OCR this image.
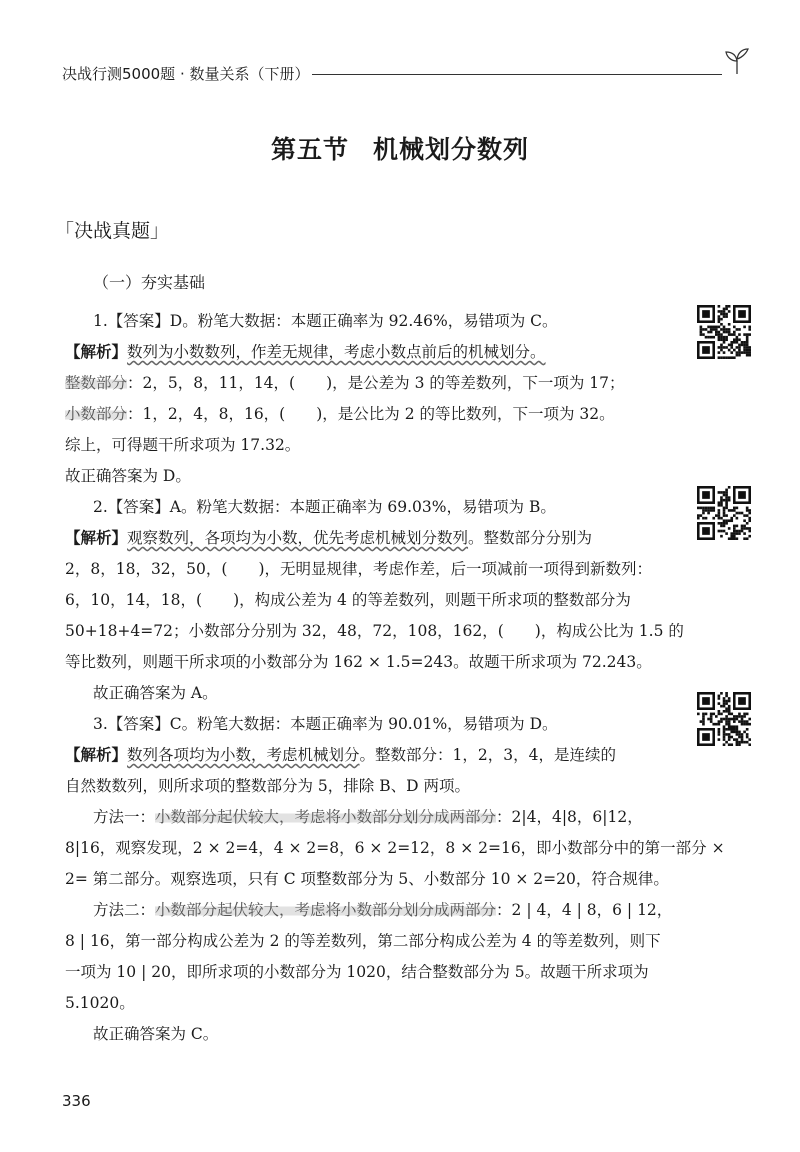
决战行测5000题 · 数量关系（下册）
第五节 机械划分数列
「决战真题」
（一）夯实基础
1.【答案】D。粉笔大数据：本题正确率为 92.46%，易错项为 C。
【解析】数列为小数数列，作差无规律，考虑小数点前后的机械划分。
整数部分：2，5，8，11，14，(　　)，是公差为 3 的等差数列，下一项为 17；
小数部分：1，2，4，8，16，(　　)，是公比为 2 的等比数列，下一项为 32。
综上，可得题干所求项为 17.32。
故正确答案为 D。
2.【答案】A。粉笔大数据：本题正确率为 69.03%，易错项为 B。
【解析】观察数列，各项均为小数，优先考虑机械划分数列。整数部分分别为
2，8，18，32，50，(　　)，无明显规律，考虑作差，后一项减前一项得到新数列：
6，10，14，18，(　　)，构成公差为 4 的等差数列，则题干所求项的整数部分为
50+18+4=72；小数部分分别为 32，48，72，108，162，(　　)，构成公比为 1.5 的
等比数列，则题干所求项的小数部分为 162 × 1.5=243。故题干所求项为 72.243。
故正确答案为 A。
3.【答案】C。粉笔大数据：本题正确率为 90.01%，易错项为 D。
【解析】数列各项均为小数，考虑机械划分。整数部分：1，2，3，4，是连续的
自然数数列，则所求项的整数部分为 5，排除 B、D 两项。
方法一：小数部分起伏较大，考虑将小数部分划分成两部分：2|4，4|8，6|12，
8|16，观察发现，2 × 2=4，4 × 2=8，6 × 2=12，8 × 2=16，即小数部分中的第一部分 ×
2= 第二部分。观察选项，只有 C 项整数部分为 5、小数部分 10 × 2=20，符合规律。
方法二：小数部分起伏较大，考虑将小数部分划分成两部分：2 | 4，4 | 8，6 | 12，
8 | 16，第一部分构成公差为 2 的等差数列，第二部分构成公差为 4 的等差数列，则下
一项为 10 | 20，即所求项的小数部分为 1020，结合整数部分为 5。故题干所求项为
5.1020。
故正确答案为 C。
336
